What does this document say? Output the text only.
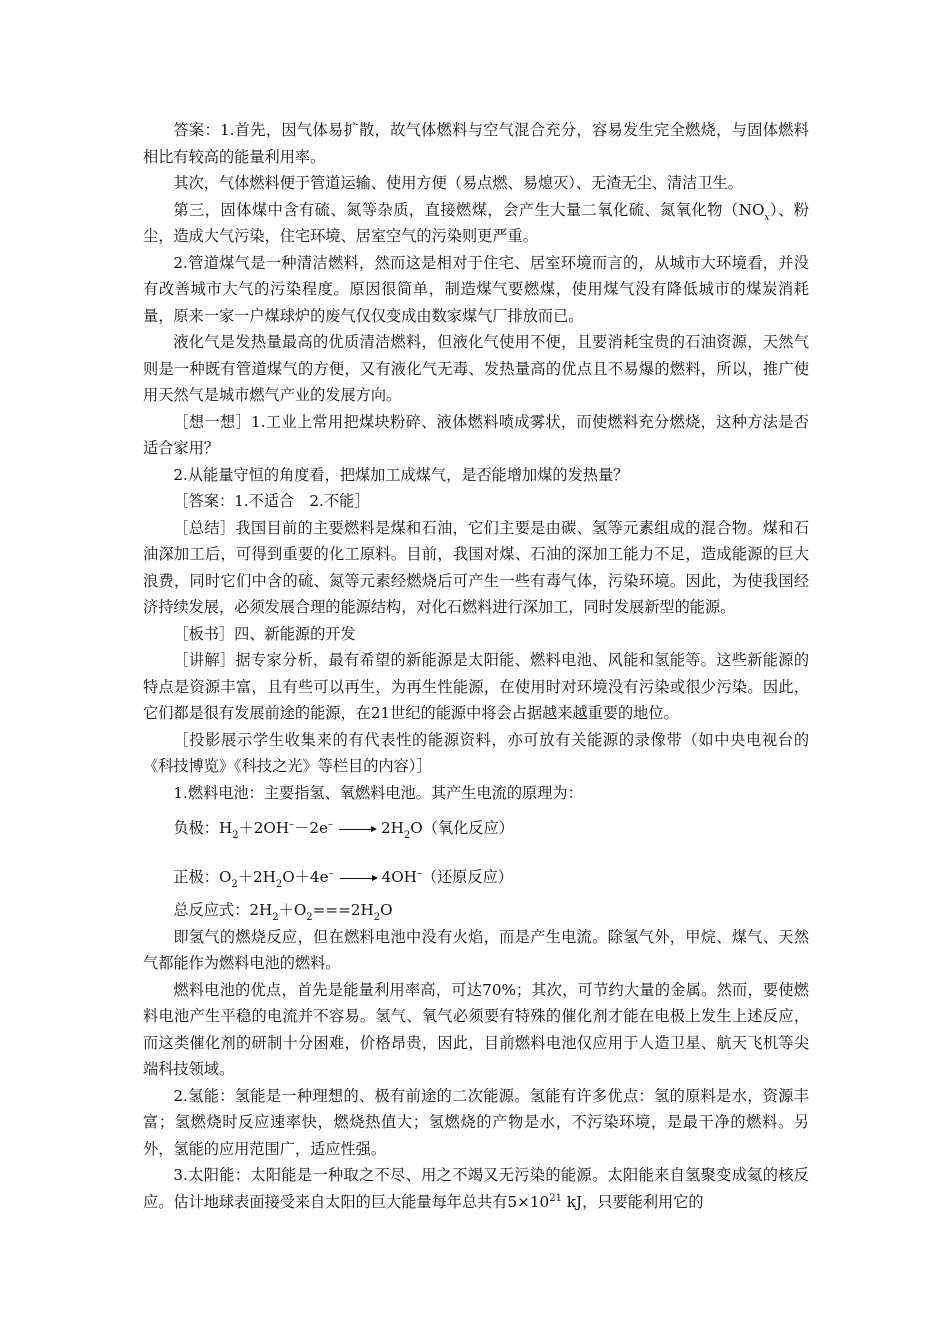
答案：1.首先，因气体易扩散，故气体燃料与空气混合充分，容易发生完全燃烧，与固体燃料相比有较高的能量利用率。

其次，气体燃料便于管道运输、使用方便（易点燃、易熄灭）、无渣无尘、清洁卫生。

第三，固体煤中含有硫、氮等杂质，直接燃煤，会产生大量二氧化硫、氮氧化物$(NO_x)$、粉尘，造成大气污染，住宅环境、居室空气的污染则更严重。

2.管道煤气是一种清洁燃料，然而这是相对于住宅、居室环境而言的，从城市大环境看，并没有改善城市大气的污染程度。原因很简单，制造煤气要燃煤，使用煤气没有降低城市的煤炭消耗量，原来一家一户煤球炉的废气仅仅变成由数家煤气厂排放而已。

液化气是发热量最高的优质清洁燃料，但液化气使用不便，且要消耗宝贵的石油资源，天然气则是一种既有管道煤气的方便，又有液化气无毒、发热量高的优点且不易爆的燃料，所以，推广使用天然气是城市燃气产业的发展方向。

［想一想］1.工业上常用把煤块粉碎、液体燃料喷成雾状，而使燃料充分燃烧，这种方法是否适合家用？

2.从能量守恒的角度看，把煤加工成煤气，是否能增加煤的发热量？

［答案：1.不适合　2.不能］

［总结］我国目前的主要燃料是煤和石油，它们主要是由碳、氢等元素组成的混合物。煤和石油深加工后，可得到重要的化工原料。目前，我国对煤、石油的深加工能力不足，造成能源的巨大浪费，同时它们中含的硫、氮等元素经燃烧后可产生一些有毒气体，污染环境。因此，为使我国经济持续发展，必须发展合理的能源结构，对化石燃料进行深加工，同时发展新型的能源。

［板书］四、新能源的开发

［讲解］据专家分析，最有希望的新能源是太阳能、燃料电池、风能和氢能等。这些新能源的特点是资源丰富，且有些可以再生，为再生性能源，在使用时对环境没有污染或很少污染。因此，它们都是很有发展前途的能源，在21世纪的能源中将会占据越来越重要的地位。

［投影展示学生收集来的有代表性的能源资料，亦可放有关能源的录像带（如中央电视台的《科技博览》《科技之光》等栏目的内容）］

1.燃料电池：主要指氢、氧燃料电池。其产生电流的原理为：

负极：$H_2+2OH^--2e^-$	$2H_2O$（氧化反应）
正极：$O_2+2H_2O+4e^-$	4OH–（还原反应）
总反应式：$2H_2+O_2===2H_2O$

即氢气的燃烧反应，但在燃料电池中没有火焰，而是产生电流。除氢气外，甲烷、煤气、天然气都能作为燃料电池的燃料。

燃料电池的优点，首先是能量利用率高，可达70%；其次，可节约大量的金属。然而，要使燃料电池产生平稳的电流并不容易。氢气、氧气必须要有特殊的催化剂才能在电极上发生上述反应，而这类催化剂的研制十分困难，价格昂贵，因此，目前燃料电池仅应用于人造卫星、航天飞机等尖端科技领域。

2.氢能：氢能是一种理想的、极有前途的二次能源。氢能有许多优点：氢的原料是水，资源丰富；氢燃烧时反应速率快，燃烧热值大；氢燃烧的产物是水，不污染环境，是最干净的燃料。另外，氢能的应用范围广，适应性强。

3.太阳能：太阳能是一种取之不尽、用之不竭又无污染的能源。太阳能来自氢聚变成氦的核反应。估计地球表面接受来自太阳的巨大能量每年总共有$5\times 10^{21}$ kJ，只要能利用它的
